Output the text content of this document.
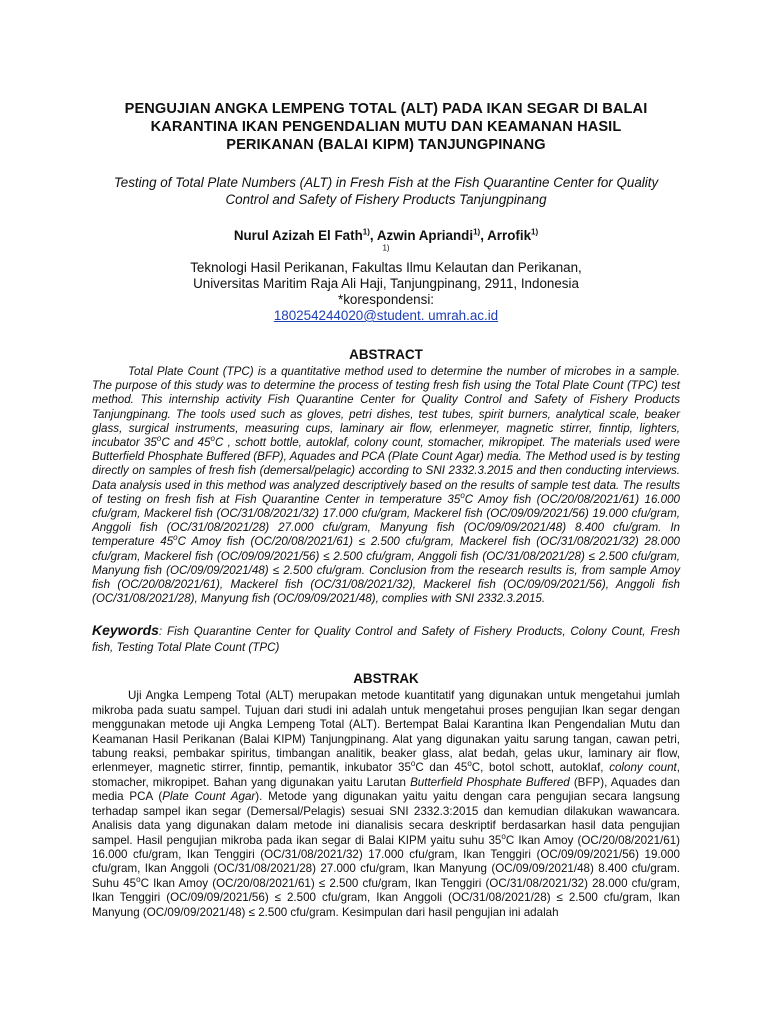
PENGUJIAN ANGKA LEMPENG TOTAL (ALT) PADA IKAN SEGAR DI BALAI
KARANTINA IKAN PENGENDALIAN MUTU DAN KEAMANAN HASIL
PERIKANAN (BALAI KIPM) TANJUNGPINANG

Testing of Total Plate Numbers (ALT) in Fresh Fish at the Fish Quarantine Center for Quality
Control and Safety of Fishery Products Tanjungpinang

Nurul Azizah El Fath$^{1)}$, Azwin Apriandi$^{1)}$, Arrofik$^{1)}$

$^{1)}$
Teknologi Hasil Perikanan, Fakultas Ilmu Kelautan dan Perikanan,
Universitas Maritim Raja Ali Haji, Tanjungpinang, 2911, Indonesia
*korespondensi:
180254244020@student. umrah.ac.id
ABSTRACT

Total Plate Count (TPC) is a quantitative method used to determine the number of microbes in a sample. The purpose of this study was to determine the process of testing fresh fish using the Total Plate Count (TPC) test method. This internship activity Fish Quarantine Center for Quality Control and Safety of Fishery Products Tanjungpinang. The tools used such as gloves, petri dishes, test tubes, spirit burners, analytical scale, beaker glass, surgical instruments, measuring cups, laminary air flow, erlenmeyer, magnetic stirrer, finntip, lighters, incubator 35$^o$C and 45$^o$C , schott bottle, autoklaf, colony count, stomacher, mikropipet. The materials used were Butterfield Phosphate Buffered (BFP), Aquades and PCA (Plate Count Agar) media. The Method used is by testing directly on samples of fresh fish (demersal/pelagic) according to SNI 2332.3.2015 and then conducting interviews. Data analysis used in this method was analyzed descriptively based on the results of sample test data. The results of testing on fresh fish at Fish Quarantine Center in temperature 35$^o$C Amoy fish (OC/20/08/2021/61) 16.000 cfu/gram, Mackerel fish (OC/31/08/2021/32) 17.000 cfu/gram, Mackerel fish (OC/09/09/2021/56) 19.000 cfu/gram, Anggoli fish (OC/31/08/2021/28) 27.000 cfu/gram, Manyung fish (OC/09/09/2021/48) 8.400 cfu/gram. In temperature 45$^o$C Amoy fish (OC/20/08/2021/61) ≤ 2.500 cfu/gram, Mackerel fish (OC/31/08/2021/32) 28.000 cfu/gram, Mackerel fish (OC/09/09/2021/56) ≤ 2.500 cfu/gram, Anggoli fish (OC/31/08/2021/28) ≤ 2.500 cfu/gram, Manyung fish (OC/09/09/2021/48) ≤ 2.500 cfu/gram. Conclusion from the research results is, from sample Amoy fish (OC/20/08/2021/61), Mackerel fish (OC/31/08/2021/32), Mackerel fish (OC/09/09/2021/56), Anggoli fish (OC/31/08/2021/28), Manyung fish (OC/09/09/2021/48), complies with SNI 2332.3.2015.

Keywords: Fish Quarantine Center for Quality Control and Safety of Fishery Products, Colony Count, Fresh fish, Testing Total Plate Count (TPC)

ABSTRAK

Uji Angka Lempeng Total (ALT) merupakan metode kuantitatif yang digunakan untuk mengetahui jumlah mikroba pada suatu sampel. Tujuan dari studi ini adalah untuk mengetahui proses pengujian Ikan segar dengan menggunakan metode uji Angka Lempeng Total (ALT). Bertempat Balai Karantina Ikan Pengendalian Mutu dan Keamanan Hasil Perikanan (Balai KIPM) Tanjungpinang. Alat yang digunakan yaitu sarung tangan, cawan petri, tabung reaksi, pembakar spiritus, timbangan analitik, beaker glass, alat bedah, gelas ukur, laminary air flow, erlenmeyer, magnetic stirrer, finntip, pemantik, inkubator 35$^o$C dan 45$^o$C, botol schott, autoklaf, colony count, stomacher, mikropipet. Bahan yang digunakan yaitu Larutan Butterfield Phosphate Buffered (BFP), Aquades dan media PCA (Plate Count Agar). Metode yang digunakan yaitu yaitu dengan cara pengujian secara langsung terhadap sampel ikan segar (Demersal/Pelagis) sesuai SNI 2332.3:2015 dan kemudian dilakukan wawancara. Analisis data yang digunakan dalam metode ini dianalisis secara deskriptif berdasarkan hasil data pengujian sampel. Hasil pengujian mikroba pada ikan segar di Balai KIPM yaitu suhu 35$^o$C Ikan Amoy (OC/20/08/2021/61) 16.000 cfu/gram, Ikan Tenggiri (OC/31/08/2021/32) 17.000 cfu/gram, Ikan Tenggiri (OC/09/09/2021/56) 19.000 cfu/gram, Ikan Anggoli (OC/31/08/2021/28) 27.000 cfu/gram, Ikan Manyung (OC/09/09/2021/48) 8.400 cfu/gram. Suhu 45$^o$C Ikan Amoy (OC/20/08/2021/61) ≤ 2.500 cfu/gram, Ikan Tenggiri (OC/31/08/2021/32) 28.000 cfu/gram, Ikan Tenggiri (OC/09/09/2021/56) ≤ 2.500 cfu/gram, Ikan Anggoli (OC/31/08/2021/28) ≤ 2.500 cfu/gram, Ikan Manyung (OC/09/09/2021/48) ≤ 2.500 cfu/gram. Kesimpulan dari hasil pengujian ini adalah
